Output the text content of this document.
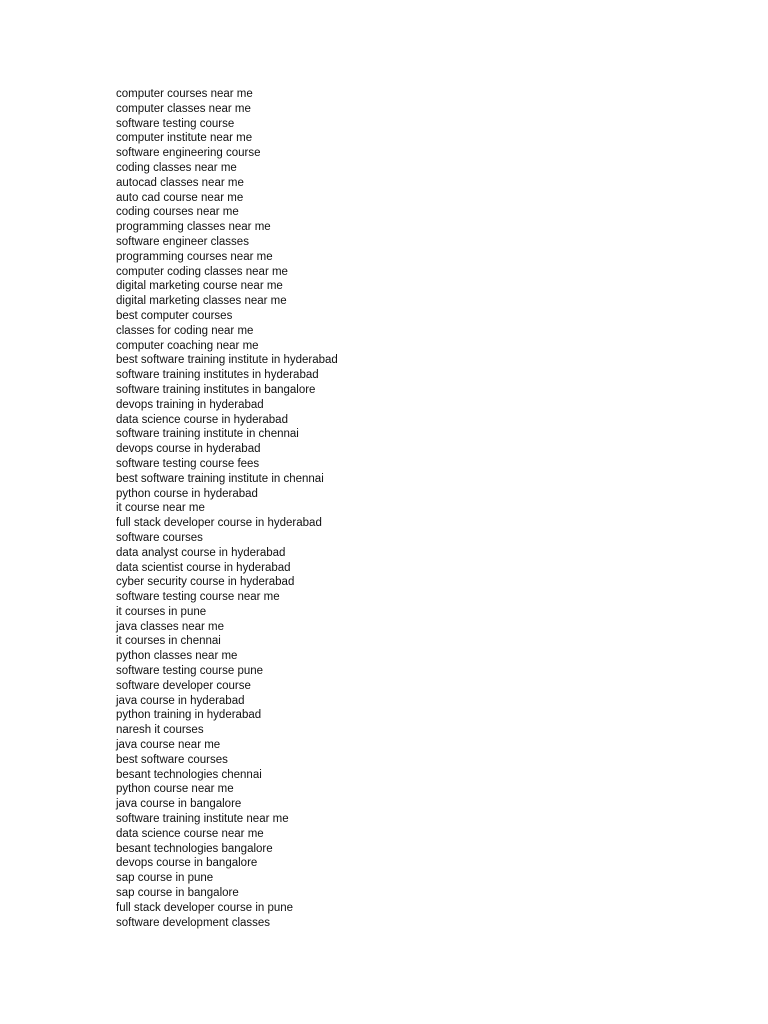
computer courses near me
computer classes near me
software testing course
computer institute near me
software engineering course
coding classes near me
autocad classes near me
auto cad course near me
coding courses near me
programming classes near me
software engineer classes
programming courses near me
computer coding classes near me
digital marketing course near me
digital marketing classes near me
best computer courses
classes for coding near me
computer coaching near me
best software training institute in hyderabad
software training institutes in hyderabad
software training institutes in bangalore
devops training in hyderabad
data science course in hyderabad
software training institute in chennai
devops course in hyderabad
software testing course fees
best software training institute in chennai
python course in hyderabad
it course near me
full stack developer course in hyderabad
software courses
data analyst course in hyderabad
data scientist course in hyderabad
cyber security course in hyderabad
software testing course near me
it courses in pune
java classes near me
it courses in chennai
python classes near me
software testing course pune
software developer course
java course in hyderabad
python training in hyderabad
naresh it courses
java course near me
best software courses
besant technologies chennai
python course near me
java course in bangalore
software training institute near me
data science course near me
besant technologies bangalore
devops course in bangalore
sap course in pune
sap course in bangalore
full stack developer course in pune
software development classes
